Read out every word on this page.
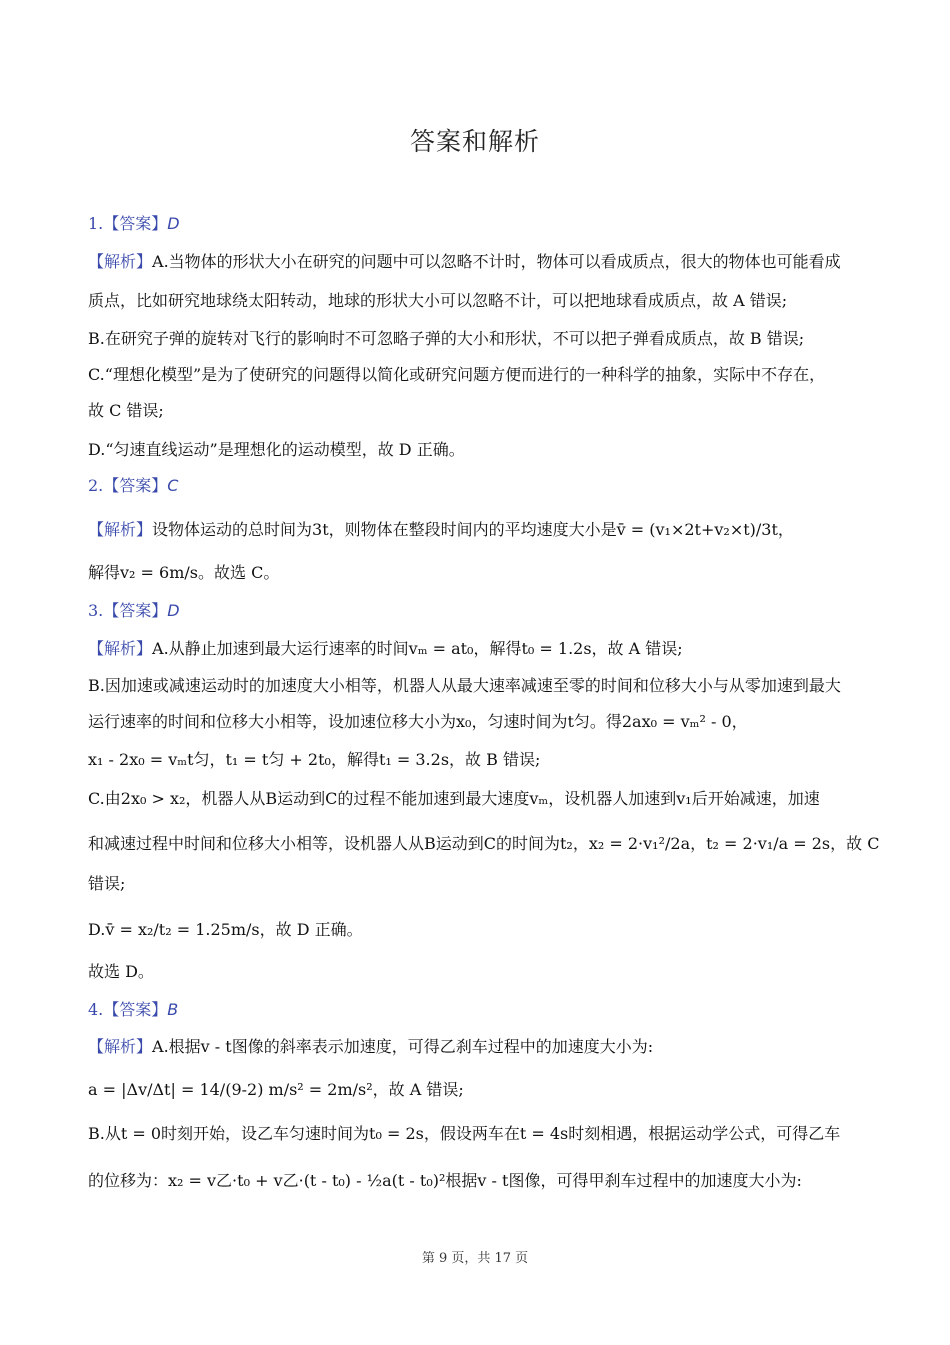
答案和解析
1.【答案】D
【解析】A.当物体的形状大小在研究的问题中可以忽略不计时，物体可以看成质点，很大的物体也可能看成
质点，比如研究地球绕太阳转动，地球的形状大小可以忽略不计，可以把地球看成质点，故 A 错误;
B.在研究子弹的旋转对飞行的影响时不可忽略子弹的大小和形状，不可以把子弹看成质点，故 B 错误;
C.“理想化模型”是为了使研究的问题得以简化或研究问题方便而进行的一种科学的抽象，实际中不存在，
故 C 错误;
D.“匀速直线运动”是理想化的运动模型，故 D 正确。
2.【答案】C
【解析】设物体运动的总时间为3t，则物体在整段时间内的平均速度大小是v̄ = (v₁×2t+v₂×t)/3t，
解得v₂ = 6m/s。故选 C。
3.【答案】D
【解析】A.从静止加速到最大运行速率的时间vₘ = at₀，解得t₀ = 1.2s，故 A 错误;
B.因加速或减速运动时的加速度大小相等，机器人从最大速率减速至零的时间和位移大小与从零加速到最大
运行速率的时间和位移大小相等，设加速位移大小为x₀，匀速时间为t匀。得2ax₀ = vₘ² - 0，
x₁ - 2x₀ = vₘt匀，t₁ = t匀 + 2t₀，解得t₁ = 3.2s，故 B 错误;
C.由2x₀ > x₂，机器人从B运动到C的过程不能加速到最大速度vₘ，设机器人加速到v₁后开始减速，加速
和减速过程中时间和位移大小相等，设机器人从B运动到C的时间为t₂，x₂ = 2·v₁²/2a，t₂ = 2·v₁/a = 2s，故 C
错误;
D.v̄ = x₂/t₂ = 1.25m/s，故 D 正确。
故选 D。
4.【答案】B
【解析】A.根据v - t图像的斜率表示加速度，可得乙刹车过程中的加速度大小为:
a = |Δv/Δt| = 14/(9-2) m/s² = 2m/s²，故 A 错误;
B.从t = 0时刻开始，设乙车匀速时间为t₀ = 2s，假设两车在t = 4s时刻相遇，根据运动学公式，可得乙车
的位移为：x₂ = v乙·t₀ + v乙·(t - t₀) - ½a(t - t₀)²根据v - t图像，可得甲刹车过程中的加速度大小为:
第 9 页，共 17 页
